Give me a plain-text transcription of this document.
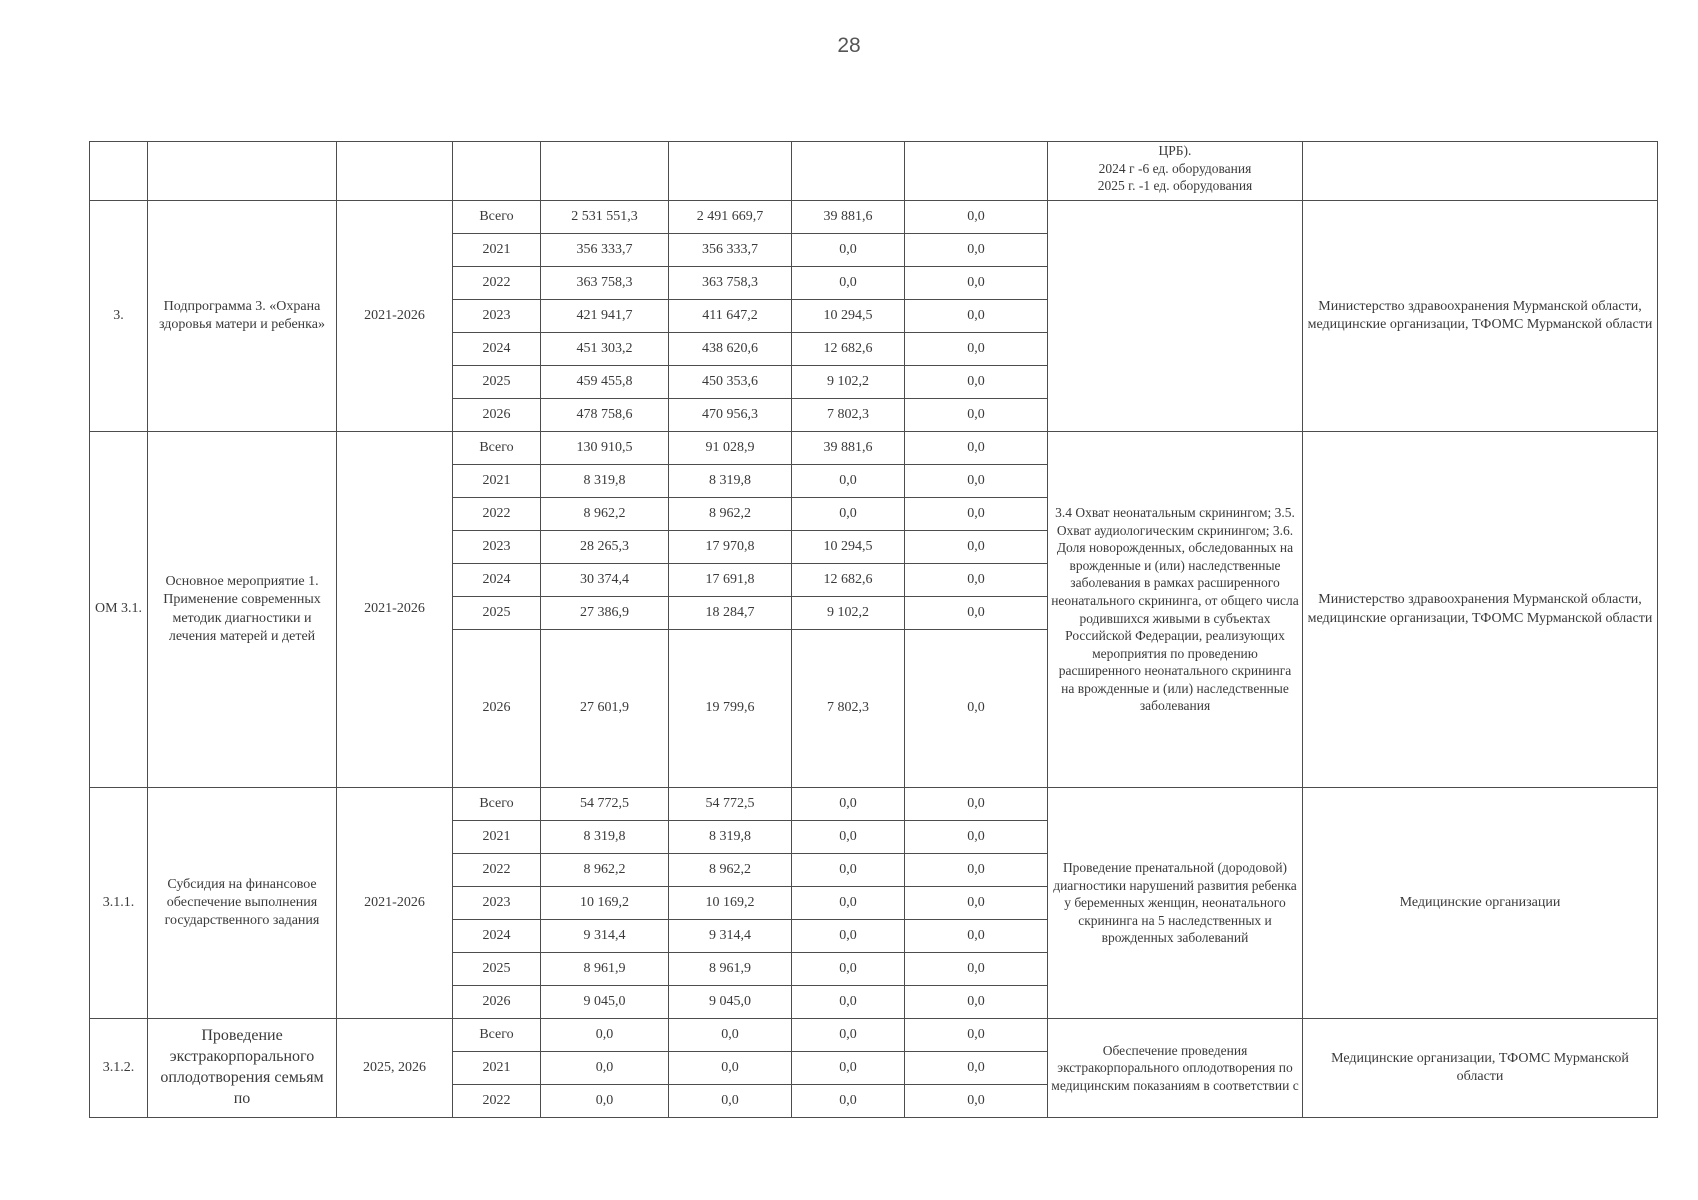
28

								ЦРБ).
2024 г -6 ед. оборудования
2025 г. -1 ед. оборудования	

3.	Подпрограмма 3. «Охрана здоровья матери и ребенка»	2021-2026	Всего	2 531 551,3	2 491 669,7	39 881,6	0,0		Министерство здравоохранения Мурманской области, медицинские организации, ТФОМС Мурманской области
			2021	356 333,7	356 333,7	0,0	0,0		
			2022	363 758,3	363 758,3	0,0	0,0		
			2023	421 941,7	411 647,2	10 294,5	0,0		
			2024	451 303,2	438 620,6	12 682,6	0,0		
			2025	459 455,8	450 353,6	9 102,2	0,0		
			2026	478 758,6	470 956,3	7 802,3	0,0		
ОМ 3.1.	Основное мероприятие 1. Применение современных методик диагностики и лечения матерей и детей	2021-2026	Всего	130 910,5	91 028,9	39 881,6	0,0	3.4 Охват неонатальным скринингом; 3.5. Охват аудиологическим скринингом; 3.6. Доля новорожденных, обследованных на врожденные и (или) наследственные заболевания в рамках расширенного неонатального скрининга, от общего числа родившихся живыми в субъектах Российской Федерации, реализующих мероприятия по проведению расширенного неонатального скрининга на врожденные и (или) наследственные заболевания	Министерство здравоохранения Мурманской области, медицинские организации, ТФОМС Мурманской области
			2021	8 319,8	8 319,8	0,0	0,0		
			2022	8 962,2	8 962,2	0,0	0,0		
			2023	28 265,3	17 970,8	10 294,5	0,0		
			2024	30 374,4	17 691,8	12 682,6	0,0		
			2025	27 386,9	18 284,7	9 102,2	0,0		
			2026	27 601,9	19 799,6	7 802,3	0,0		
3.1.1.	Субсидия на финансовое обеспечение выполнения государственного задания	2021-2026	Всего	54 772,5	54 772,5	0,0	0,0	Проведение пренатальной (дородовой) диагностики нарушений развития ребенка у беременных женщин, неонатального скрининга на 5 наследственных и врожденных заболеваний	Медицинские организации
			2021	8 319,8	8 319,8	0,0	0,0		
			2022	8 962,2	8 962,2	0,0	0,0		
			2023	10 169,2	10 169,2	0,0	0,0		
			2024	9 314,4	9 314,4	0,0	0,0		
			2025	8 961,9	8 961,9	0,0	0,0		
			2026	9 045,0	9 045,0	0,0	0,0		
3.1.2.	Проведение экстракорпорального оплодотворения семьям по	2025, 2026	Всего	0,0	0,0	0,0	0,0	Обеспечение проведения экстракорпорального оплодотворения по медицинским показаниям в соответствии с	Медицинские организации, ТФОМС Мурманской области
			2021	0,0	0,0	0,0	0,0		
			2022	0,0	0,0	0,0	0,0		
